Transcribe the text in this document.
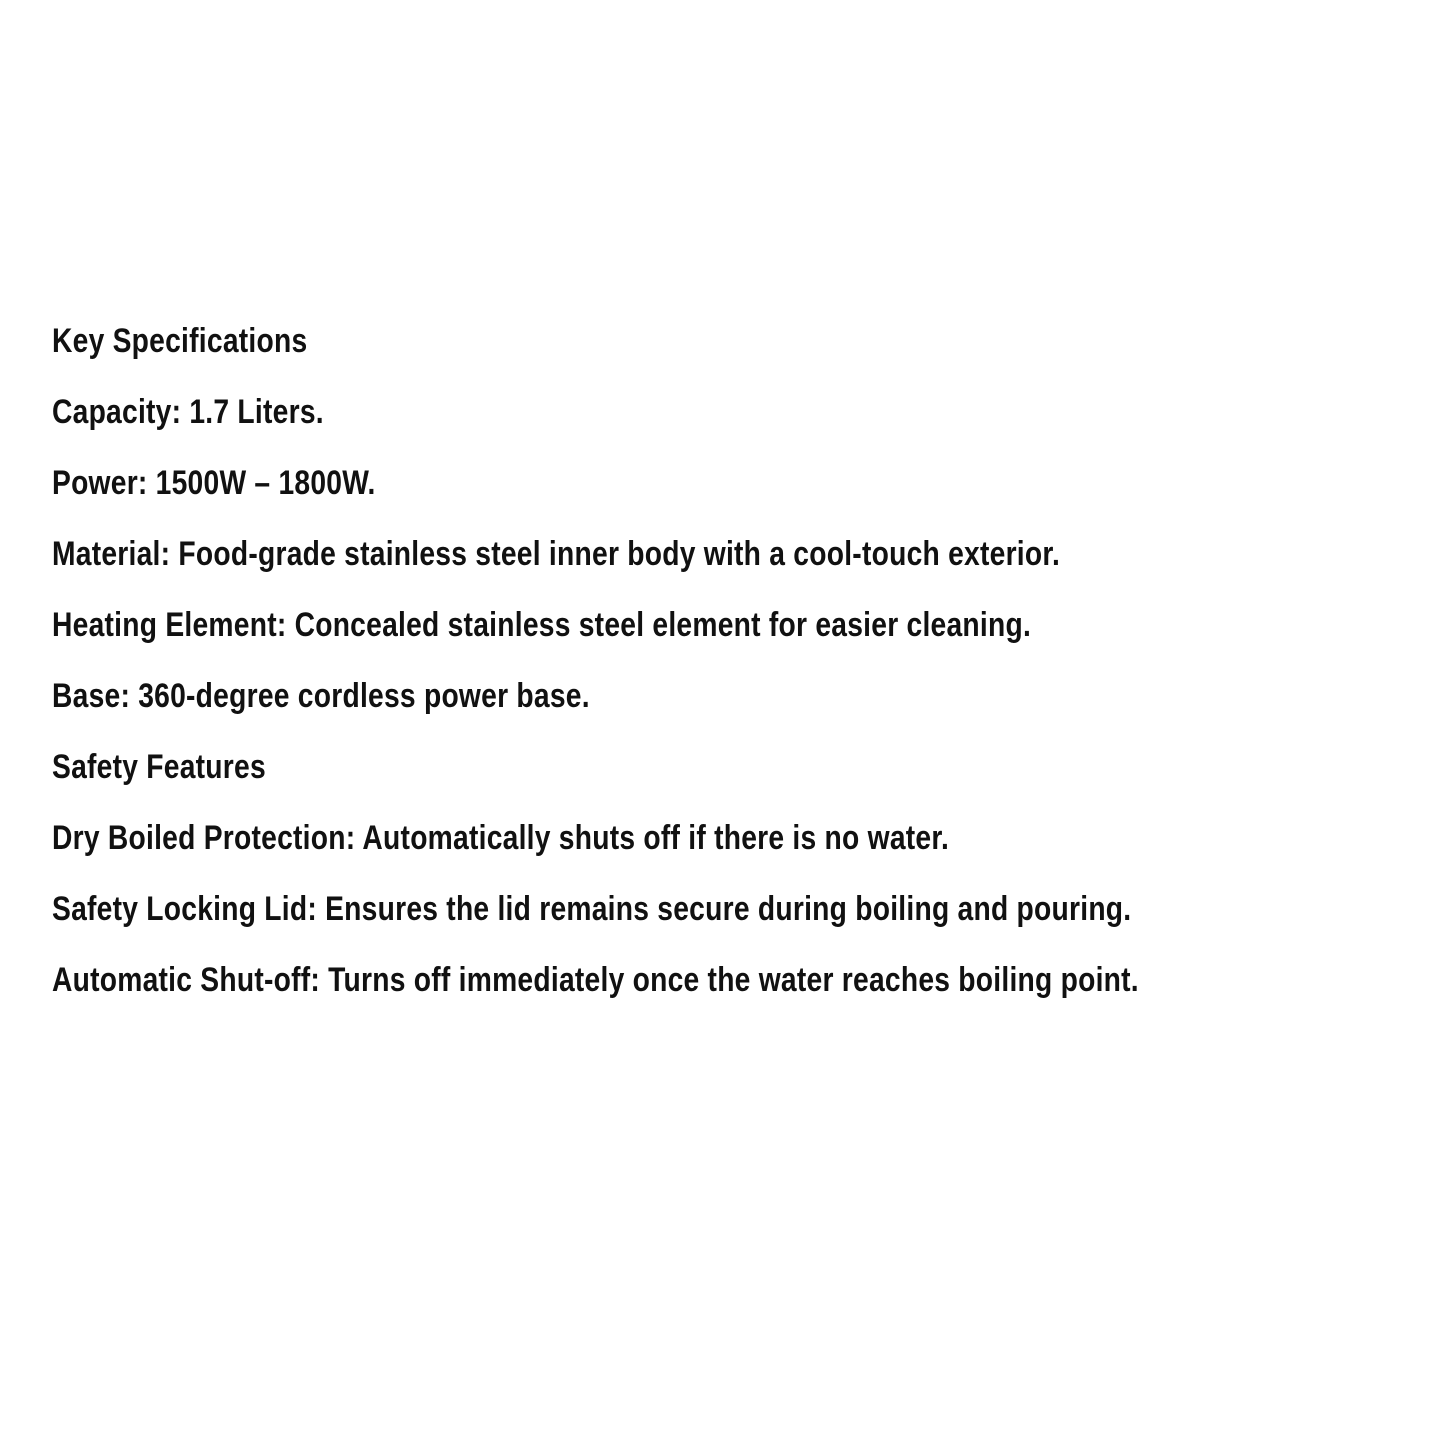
Key Specifications
Capacity: 1.7 Liters.
Power: 1500W – 1800W.
Material: Food-grade stainless steel inner body with a cool-touch exterior.
Heating Element: Concealed stainless steel element for easier cleaning.
Base: 360-degree cordless power base.
Safety Features
Dry Boiled Protection: Automatically shuts off if there is no water.
Safety Locking Lid: Ensures the lid remains secure during boiling and pouring.
Automatic Shut-off: Turns off immediately once the water reaches boiling point.
